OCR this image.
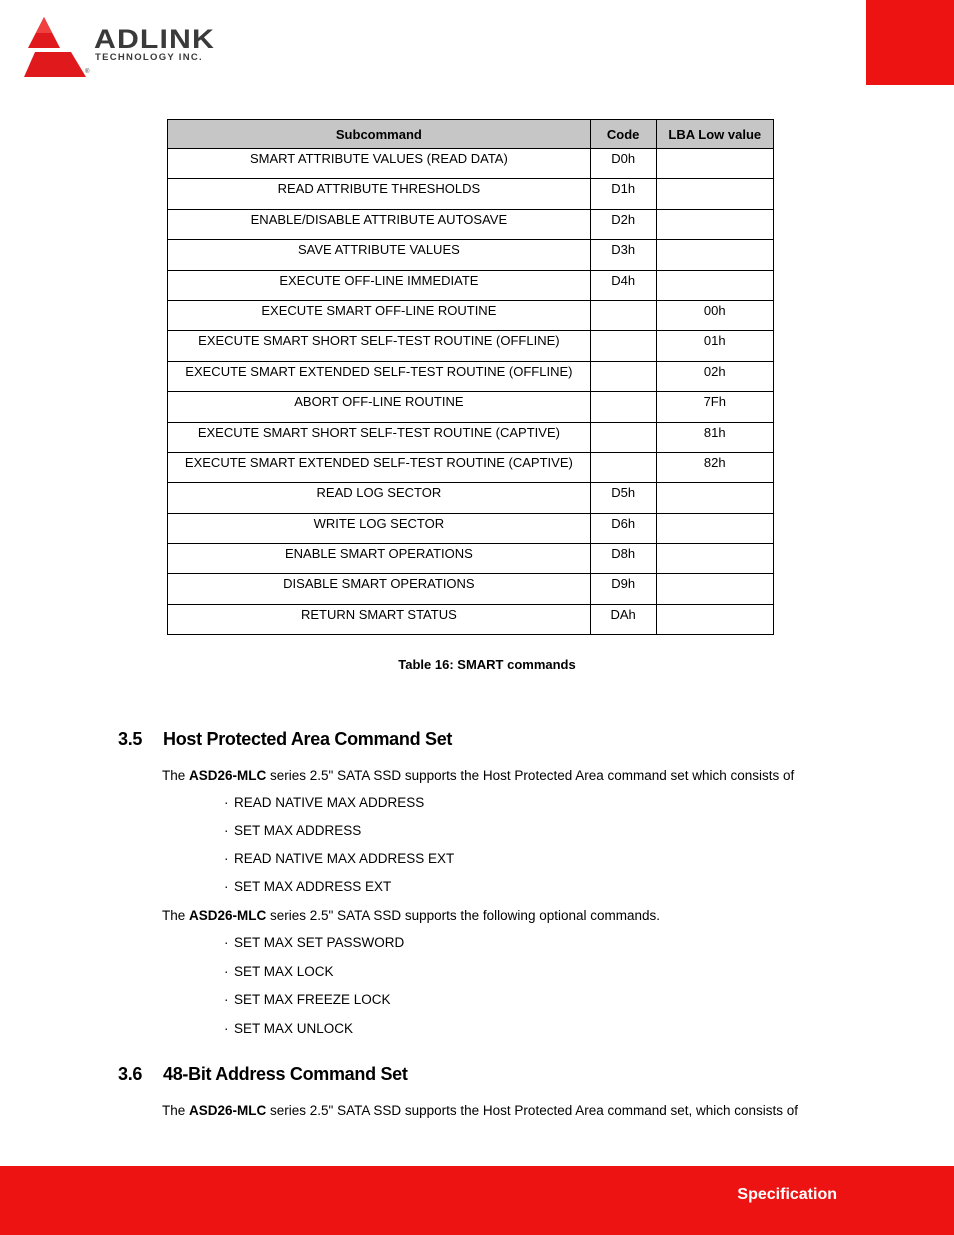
ADLINK
TECHNOLOGY INC.
®
Subcommand	Code	LBA Low value
SMART ATTRIBUTE VALUES (READ DATA)	D0h	
READ ATTRIBUTE THRESHOLDS	D1h	
ENABLE/DISABLE ATTRIBUTE AUTOSAVE	D2h	
SAVE ATTRIBUTE VALUES	D3h	
EXECUTE OFF-LINE IMMEDIATE	D4h	
EXECUTE SMART OFF-LINE ROUTINE		00h
EXECUTE SMART SHORT SELF-TEST ROUTINE (OFFLINE)		01h
EXECUTE SMART EXTENDED SELF-TEST ROUTINE (OFFLINE)		02h
ABORT OFF-LINE ROUTINE		7Fh
EXECUTE SMART SHORT SELF-TEST ROUTINE (CAPTIVE)		81h
EXECUTE SMART EXTENDED SELF-TEST ROUTINE (CAPTIVE)		82h
READ LOG SECTOR	D5h	
WRITE LOG SECTOR	D6h	
ENABLE SMART OPERATIONS	D8h	
DISABLE SMART OPERATIONS	D9h	
RETURN SMART STATUS	DAh	
Table 16: SMART commands
3.5 Host Protected Area Command Set
The ASD26-MLC series 2.5" SATA SSD supports the Host Protected Area command set which consists of
· READ NATIVE MAX ADDRESS
· SET MAX ADDRESS
· READ NATIVE MAX ADDRESS EXT
· SET MAX ADDRESS EXT
The ASD26-MLC series 2.5" SATA SSD supports the following optional commands.
· SET MAX SET PASSWORD
· SET MAX LOCK
· SET MAX FREEZE LOCK
· SET MAX UNLOCK
3.6 48-Bit Address Command Set
The ASD26-MLC series 2.5" SATA SSD supports the Host Protected Area command set, which consists of
Specification
